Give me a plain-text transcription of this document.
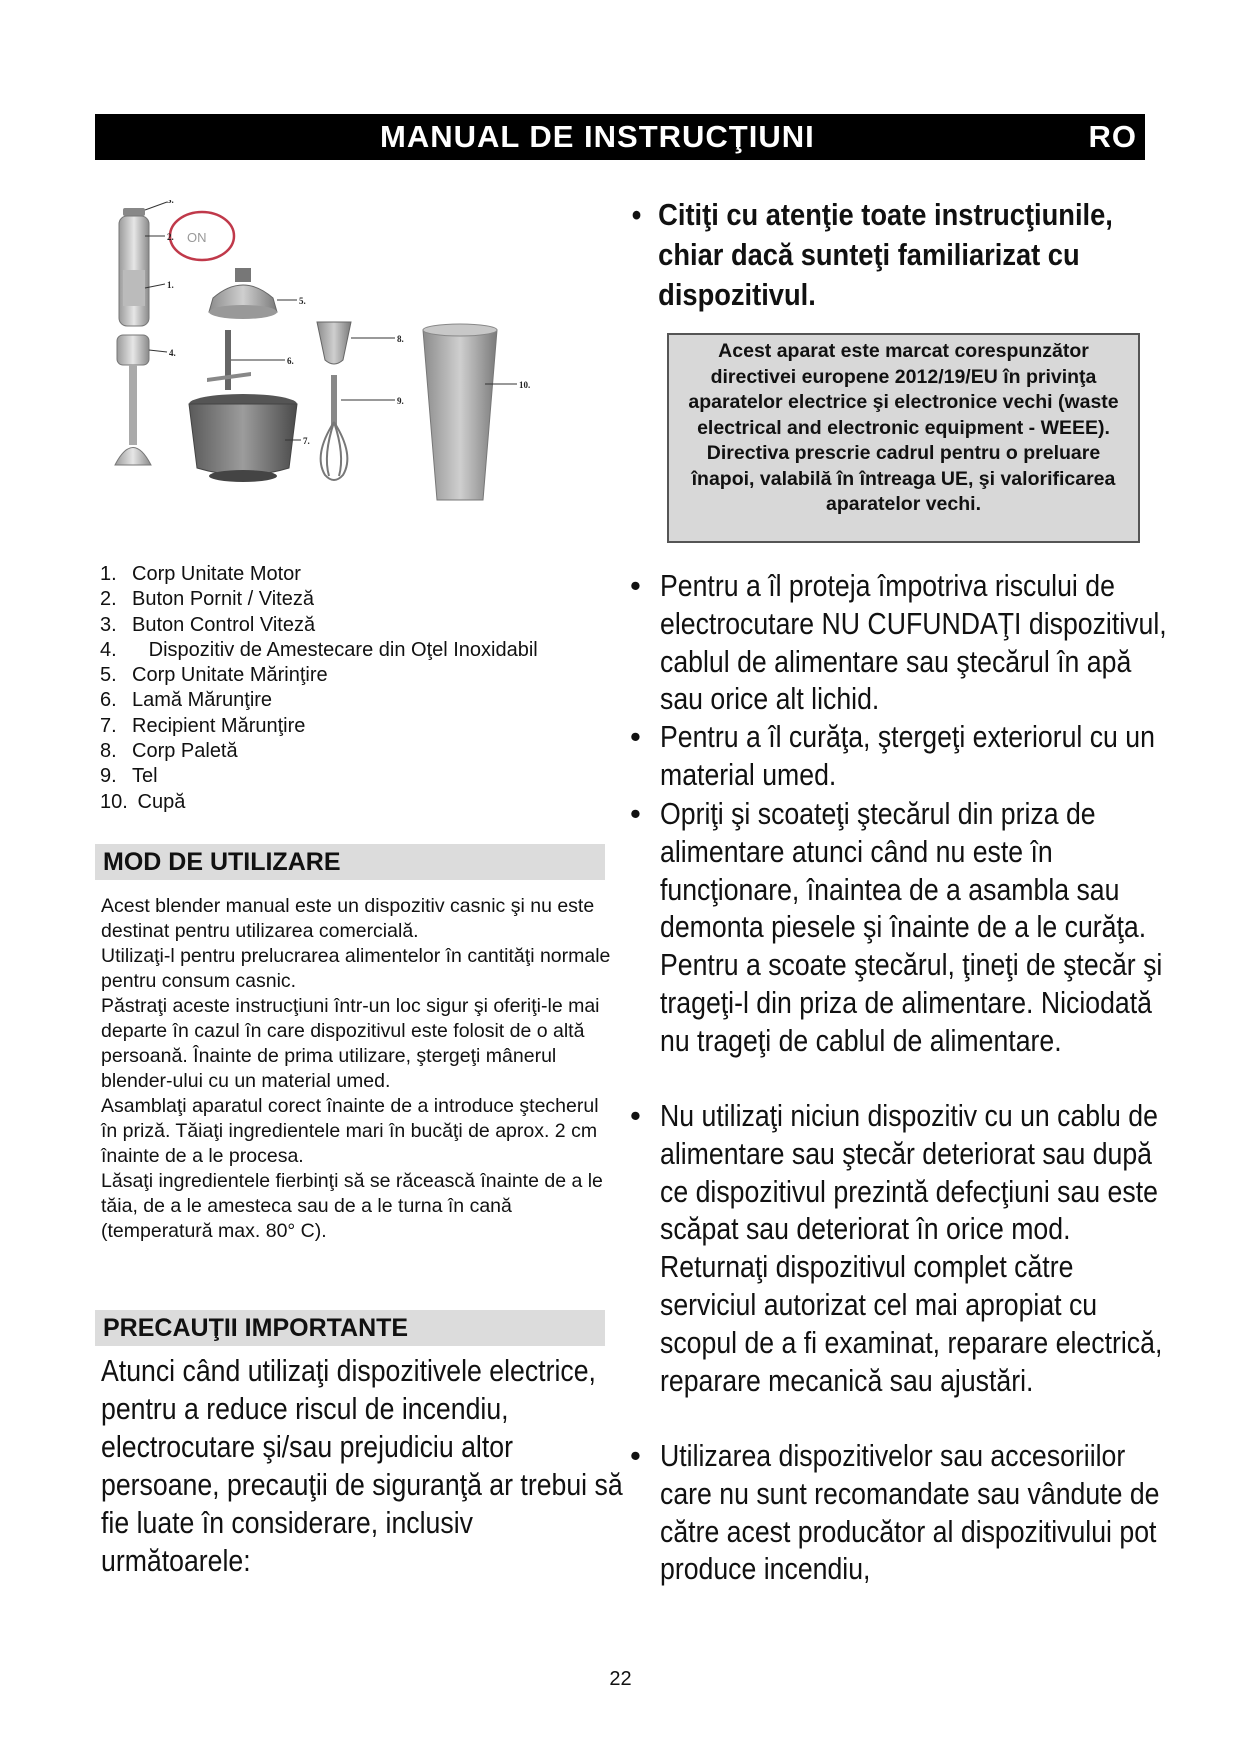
MANUAL DE INSTRUCŢIUNI	RO
ON
3.
2.
1.
4.
5.
6.
7.
8.
9.
10.
1. Corp Unitate Motor
2. Buton Pornit / Viteză
3. Buton Control Viteză
4.   Dispozitiv de Amestecare din Oţel Inoxidabil
5. Corp Unitate Mărinţire
6. Lamă Mărunţire
7. Recipient Mărunţire
8. Corp Paletă
9. Tel
10. Cupă
MOD DE UTILIZARE

Acest blender manual este un dispozitiv casnic şi nu este destinat pentru utilizarea comercială.

Utilizaţi-l pentru prelucrarea alimentelor în cantităţi normale pentru consum casnic.

Păstraţi aceste instrucţiuni într-un loc sigur şi oferiţi-le mai departe în cazul în care dispozitivul este folosit de o altă persoană. Înainte de prima utilizare, ştergeţi mânerul blender-ului cu un material umed.

Asamblaţi aparatul corect înainte de a introduce ştecherul în priză. Tăiaţi ingredientele mari în bucăţi de aprox. 2 cm înainte de a le procesa.

Lăsaţi ingredientele fierbinţi să se răcească înainte de a le tăia, de a le amesteca sau de a le turna în cană (temperatură max. 80° C).

PRECAUŢII IMPORTANTE
Atunci când utilizaţi dispozitivele electrice, pentru a reduce riscul de incendiu, electrocutare şi/sau prejudiciu altor persoane, precauţii de siguranţă ar trebui să fie luate în considerare, inclusiv următoarele:
• Citiţi cu atenţie toate instrucţiunile, chiar dacă sunteţi familiarizat cu dispozitivul.
Acest aparat este marcat corespunzător directivei europene 2012/19/EU în privinţa aparatelor electrice şi electronice vechi (waste electrical and electronic equipment - WEEE). Directiva prescrie cadrul pentru o preluare înapoi, valabilă în întreaga UE, şi valorificarea aparatelor vechi.
• Pentru a îl proteja împotriva riscului de electrocutare NU CUFUNDAŢI dispozitivul, cablul de alimentare sau ştecărul în apă sau orice alt lichid.
• Pentru a îl curăţa, ştergeţi exteriorul cu un material umed.
• Opriţi şi scoateţi ştecărul din priza de alimentare atunci când nu este în funcţionare, înaintea de a asambla sau demonta piesele şi înainte de a le curăţa. Pentru a scoate ştecărul, ţineţi de ştecăr şi trageţi-l din priza de alimentare. Niciodată nu trageţi de cablul de alimentare.
• Nu utilizaţi niciun dispozitiv cu un cablu de alimentare sau ştecăr deteriorat sau după ce dispozitivul prezintă defecţiuni sau este scăpat sau deteriorat în orice mod. Returnaţi dispozitivul complet către serviciul autorizat cel mai apropiat cu scopul de a fi examinat, reparare electrică, reparare mecanică sau ajustări.
• Utilizarea dispozitivelor sau accesoriilor care nu sunt recomandate sau vândute de către acest producător al dispozitivului pot produce incendiu,
22
